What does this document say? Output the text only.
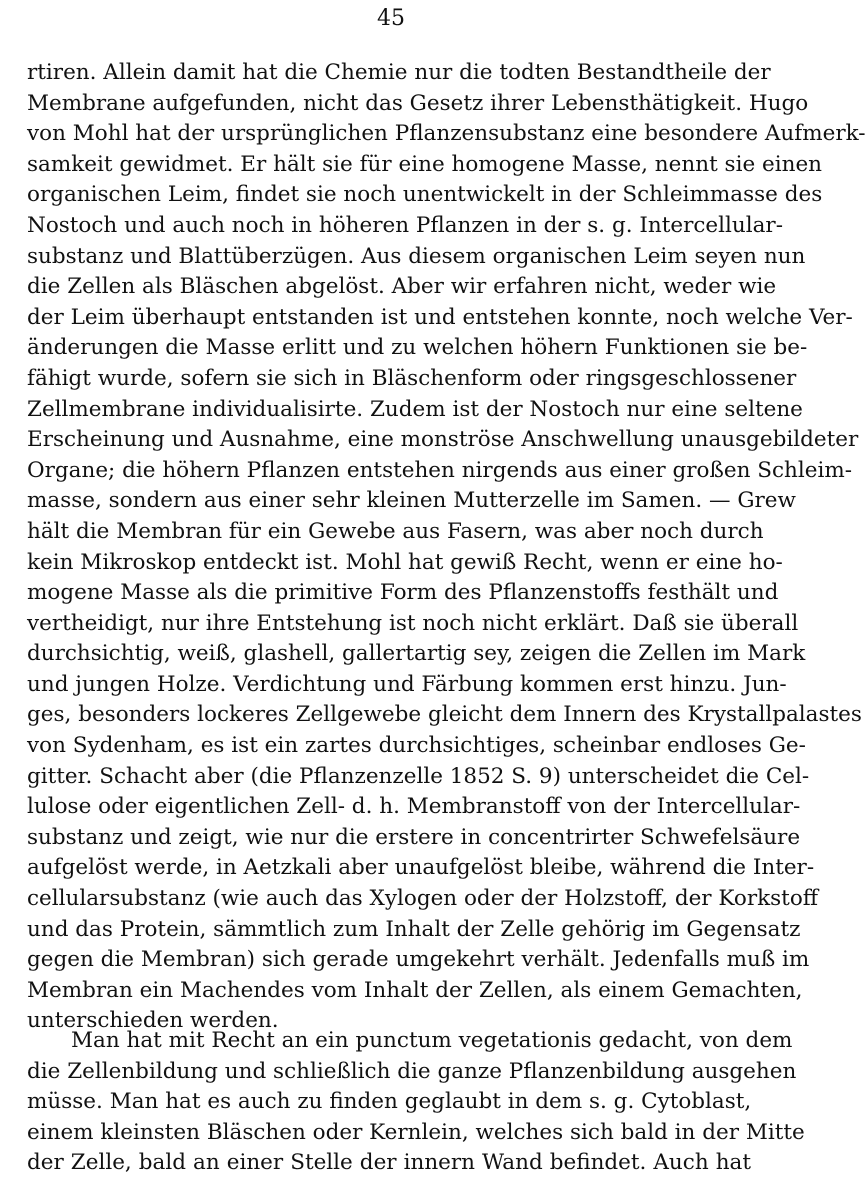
45
rtiren. Allein damit hat die Chemie nur die todten Bestandtheile der
Membrane aufgefunden, nicht das Gesetz ihrer Lebensthätigkeit. Hugo
von Mohl hat der ursprünglichen Pflanzensubstanz eine besondere Aufmerk-
samkeit gewidmet. Er hält sie für eine homogene Masse, nennt sie einen
organischen Leim, findet sie noch unentwickelt in der Schleimmasse des
Nostoch und auch noch in höheren Pflanzen in der s. g. Intercellular-
substanz und Blattüberzügen. Aus diesem organischen Leim seyen nun
die Zellen als Bläschen abgelöst. Aber wir erfahren nicht, weder wie
der Leim überhaupt entstanden ist und entstehen konnte, noch welche Ver-
änderungen die Masse erlitt und zu welchen höhern Funktionen sie be-
fähigt wurde, sofern sie sich in Bläschenform oder ringsgeschlossener
Zellmembrane individualisirte. Zudem ist der Nostoch nur eine seltene
Erscheinung und Ausnahme, eine monströse Anschwellung unausgebildeter
Organe; die höhern Pflanzen entstehen nirgends aus einer großen Schleim-
masse, sondern aus einer sehr kleinen Mutterzelle im Samen. — Grew
hält die Membran für ein Gewebe aus Fasern, was aber noch durch
kein Mikroskop entdeckt ist. Mohl hat gewiß Recht, wenn er eine ho-
mogene Masse als die primitive Form des Pflanzenstoffs festhält und
vertheidigt, nur ihre Entstehung ist noch nicht erklärt. Daß sie überall
durchsichtig, weiß, glashell, gallertartig sey, zeigen die Zellen im Mark
und jungen Holze. Verdichtung und Färbung kommen erst hinzu. Jun-
ges, besonders lockeres Zellgewebe gleicht dem Innern des Krystallpalastes
von Sydenham, es ist ein zartes durchsichtiges, scheinbar endloses Ge-
gitter. Schacht aber (die Pflanzenzelle 1852 S. 9) unterscheidet die Cel-
lulose oder eigentlichen Zell- d. h. Membranstoff von der Intercellular-
substanz und zeigt, wie nur die erstere in concentrirter Schwefelsäure
aufgelöst werde, in Aetzkali aber unaufgelöst bleibe, während die Inter-
cellularsubstanz (wie auch das Xylogen oder der Holzstoff, der Korkstoff
und das Protein, sämmtlich zum Inhalt der Zelle gehörig im Gegensatz
gegen die Membran) sich gerade umgekehrt verhält. Jedenfalls muß im
Membran ein Machendes vom Inhalt der Zellen, als einem Gemachten,
unterschieden werden.
Man hat mit Recht an ein punctum vegetationis gedacht, von dem
die Zellenbildung und schließlich die ganze Pflanzenbildung ausgehen
müsse. Man hat es auch zu finden geglaubt in dem s. g. Cytoblast,
einem kleinsten Bläschen oder Kernlein, welches sich bald in der Mitte
der Zelle, bald an einer Stelle der innern Wand befindet. Auch hat
